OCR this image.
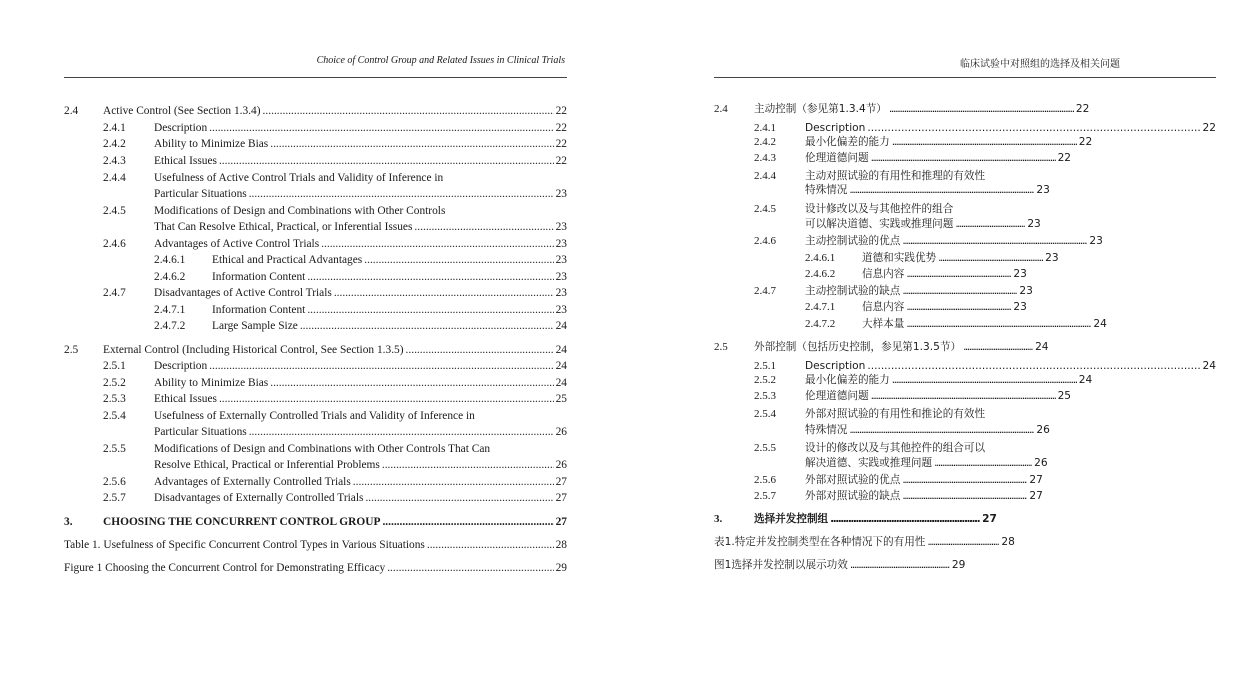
Choice of Control Group and Related Issues in Clinical Trials
2.4 Active Control (See Section 1.3.4) .....	22
2.4.1 Description .....	22
2.4.2 Ability to Minimize Bias .....	22
2.4.3 Ethical Issues .....	22
2.4.4 Usefulness of Active Control Trials and Validity of Inference in
Particular Situations .....	23
2.4.5 Modifications of Design and Combinations with Other Controls
That Can Resolve Ethical, Practical, or Inferential Issues .....	23
2.4.6 Advantages of Active Control Trials .....	23
2.4.6.1 Ethical and Practical Advantages .....	23
2.4.6.2 Information Content .....	23
2.4.7 Disadvantages of Active Control Trials .....	23
2.4.7.1 Information Content .....	23
2.4.7.2 Large Sample Size .....	24
2.5 External Control (Including Historical Control, See Section 1.3.5) .....	24
2.5.1 Description .....	24
2.5.2 Ability to Minimize Bias .....	24
2.5.3 Ethical Issues .....	25
2.5.4 Usefulness of Externally Controlled Trials and Validity of Inference in
Particular Situations .....	26
2.5.5 Modifications of Design and Combinations with Other Controls That Can
Resolve Ethical, Practical or Inferential Problems .....	26
2.5.6 Advantages of Externally Controlled Trials .....	27
2.5.7 Disadvantages of Externally Controlled Trials .....	27
3.	CHOOSING THE CONCURRENT CONTROL GROUP .....	27
Table 1. Usefulness of Specific Concurrent Control Types in Various Situations .....	28
Figure 1 Choosing the Concurrent Control for Demonstrating Efficacy .....	29
临床试验中对照组的选择及相关问题
2.4 主动控制（参见第1.3.4节） .....	22
2.4.1	Description .....	22
2.4.2	最小化偏差的能力 .....	22
2.4.3	伦理道德问题 .....	22
2.4.4	主动对照试验的有用性和推理的有效性
特殊情况 .....	23
2.4.5	设计修改以及与其他控件的组合
可以解决道德、实践或推理问题 .....	23
2.4.6	主动控制试验的优点 .....	23
2.4.6.1	道德和实践优势 .....	23
2.4.6.2	信息内容 .....	23
2.4.7	主动控制试验的缺点 .....	23
2.4.7.1	信息内容 .....	23
2.4.7.2	大样本量 .....	24
2.5 外部控制（包括历史控制，参见第1.3.5节） .....	24
2.5.1	Description .....	24
2.5.2	最小化偏差的能力 .....	24
2.5.3	伦理道德问题 .....	25
2.5.4	外部对照试验的有用性和推论的有效性
特殊情况 .....	26
2.5.5	设计的修改以及与其他控件的组合可以
解决道德、实践或推理问题 .....	26
2.5.6	外部对照试验的优点 .....	27
2.5.7	外部对照试验的缺点 .....	27
3.	选择并发控制组 .....	27
表1.特定并发控制类型在各种情况下的有用性 .....	28
图1选择并发控制以展示功效 .....	29
